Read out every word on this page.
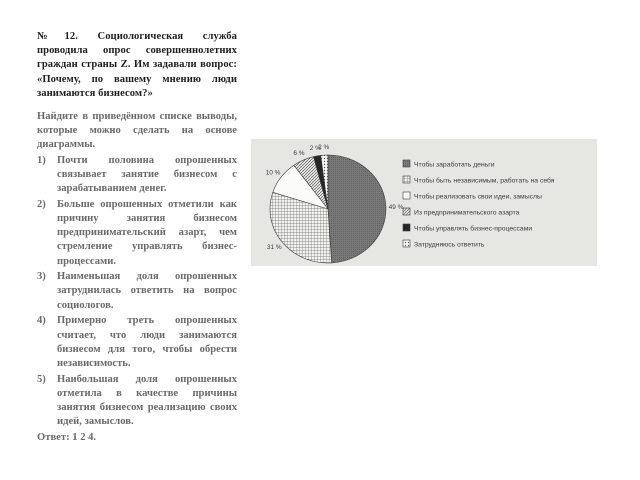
№12. Социологическая служба проводила опрос совершеннолетних граждан страны Z. Им задавали вопрос: «Почему, по вашему мнению люди занимаются бизнесом?»

Найдите в приведённом списке выводы, которые можно сделать на основе диаграммы.

1)	Почти половина опрошенных связывает занятие бизнесом с зарабатыванием денег.
2)	Больше опрошенных отметили как причину занятия бизнесом предпринимательский азарт, чем стремление управлять бизнес-процессами.
3)	Наименьшая доля опрошенных затруднилась ответить на вопрос социологов.
4)	Примерно треть опрошенных считает, что люди занимаются бизнесом для того, чтобы обрести независимость.
5)	Наибольшая доля опрошенных отметила в качестве причины занятия бизнесом реализацию своих идей, замыслов.

Ответ: 1 2 4.

49 %
31 %
10 %
6 %
2 %
2 %
Чтобы заработать деньги
Чтобы быть независимым, работать на себя
Чтобы реализовать свои идеи, замыслы
Из предпринимательского азарта
Чтобы управлять бизнес-процессами
Затрудняюсь ответить
